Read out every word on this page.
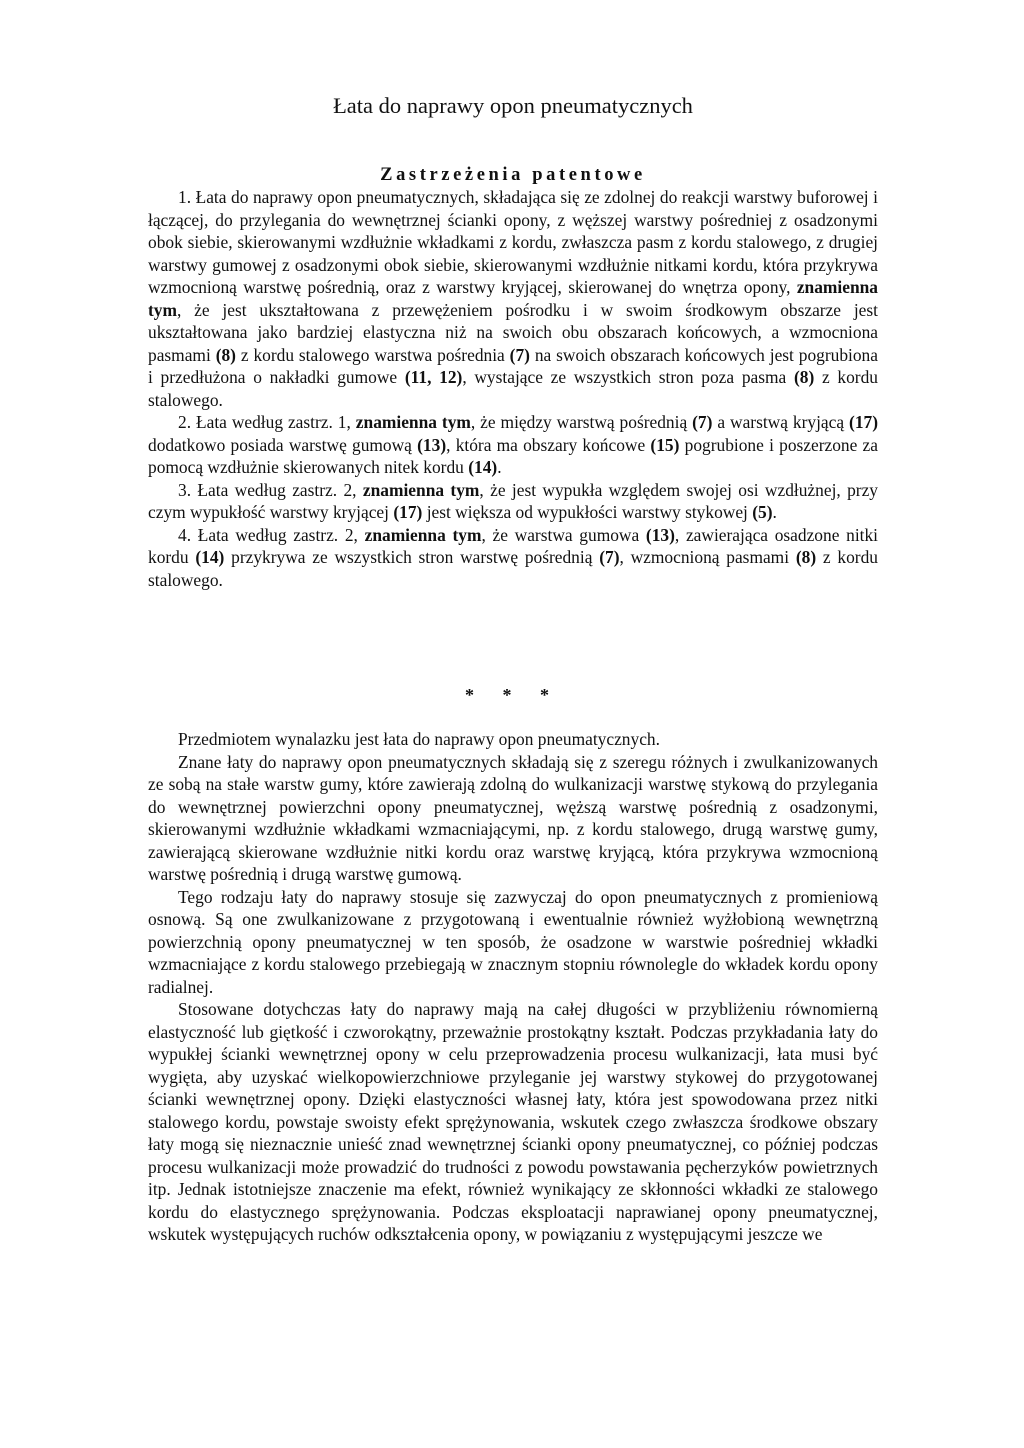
Łata do naprawy opon pneumatycznych
Zastrzeżenia patentowe

1. Łata do naprawy opon pneumatycznych, składająca się ze zdolnej do reakcji warstwy buforowej i łączącej, do przylegania do wewnętrznej ścianki opony, z węższej warstwy pośredniej z osadzonymi obok siebie, skierowanymi wzdłużnie wkładkami z kordu, zwłaszcza pasm z kordu stalowego, z drugiej warstwy gumowej z osadzonymi obok siebie, skierowanymi wzdłużnie nitkami kordu, która przykrywa wzmocnioną warstwę pośrednią, oraz z warstwy kryjącej, skierowanej do wnętrza opony, znamienna tym, że jest ukształtowana z przewężeniem pośrodku i w swoim środkowym obszarze jest ukształtowana jako bardziej elastyczna niż na swoich obu obszarach końcowych, a wzmocniona pasmami (8) z kordu stalowego warstwa pośrednia (7) na swoich obszarach końcowych jest pogrubiona i przedłużona o nakładki gumowe (11, 12), wystające ze wszystkich stron poza pasma (8) z kordu stalowego.

2. Łata według zastrz. 1, znamienna tym, że między warstwą pośrednią (7) a warstwą kryjącą (17) dodatkowo posiada warstwę gumową (13), która ma obszary końcowe (15) pogrubione i poszerzone za pomocą wzdłużnie skierowanych nitek kordu (14).

3. Łata według zastrz. 2, znamienna tym, że jest wypukła względem swojej osi wzdłużnej, przy czym wypukłość warstwy kryjącej (17) jest większa od wypukłości warstwy stykowej (5).

4. Łata według zastrz. 2, znamienna tym, że warstwa gumowa (13), zawierająca osadzone nitki kordu (14) przykrywa ze wszystkich stron warstwę pośrednią (7), wzmocnioną pasmami (8) z kordu stalowego.

* * *

Przedmiotem wynalazku jest łata do naprawy opon pneumatycznych.

Znane łaty do naprawy opon pneumatycznych składają się z szeregu różnych i zwulkanizowanych ze sobą na stałe warstw gumy, które zawierają zdolną do wulkanizacji warstwę stykową do przylegania do wewnętrznej powierzchni opony pneumatycznej, węższą warstwę pośrednią z osadzonymi, skierowanymi wzdłużnie wkładkami wzmacniającymi, np. z kordu stalowego, drugą warstwę gumy, zawierającą skierowane wzdłużnie nitki kordu oraz warstwę kryjącą, która przykrywa wzmocnioną warstwę pośrednią i drugą warstwę gumową.

Tego rodzaju łaty do naprawy stosuje się zazwyczaj do opon pneumatycznych z promieniową osnową. Są one zwulkanizowane z przygotowaną i ewentualnie również wyżłobioną wewnętrzną powierzchnią opony pneumatycznej w ten sposób, że osadzone w warstwie pośredniej wkładki wzmacniające z kordu stalowego przebiegają w znacznym stopniu równolegle do wkładek kordu opony radialnej.

Stosowane dotychczas łaty do naprawy mają na całej długości w przybliżeniu równomierną elastyczność lub giętkość i czworokątny, przeważnie prostokątny kształt. Podczas przykładania łaty do wypukłej ścianki wewnętrznej opony w celu przeprowadzenia procesu wulkanizacji, łata musi być wygięta, aby uzyskać wielkopowierzchniowe przyleganie jej warstwy stykowej do przygotowanej ścianki wewnętrznej opony. Dzięki elastyczności własnej łaty, która jest spowodowana przez nitki stalowego kordu, powstaje swoisty efekt sprężynowania, wskutek czego zwłaszcza środkowe obszary łaty mogą się nieznacznie unieść znad wewnętrznej ścianki opony pneumatycznej, co później podczas procesu wulkanizacji może prowadzić do trudności z powodu powstawania pęcherzyków powietrznych itp. Jednak istotniejsze znaczenie ma efekt, również wynikający ze skłonności wkładki ze stalowego kordu do elastycznego sprężynowania. Podczas eksploatacji naprawianej opony pneumatycznej, wskutek występujących ruchów odkształcenia opony, w powiązaniu z występującymi jeszcze we
